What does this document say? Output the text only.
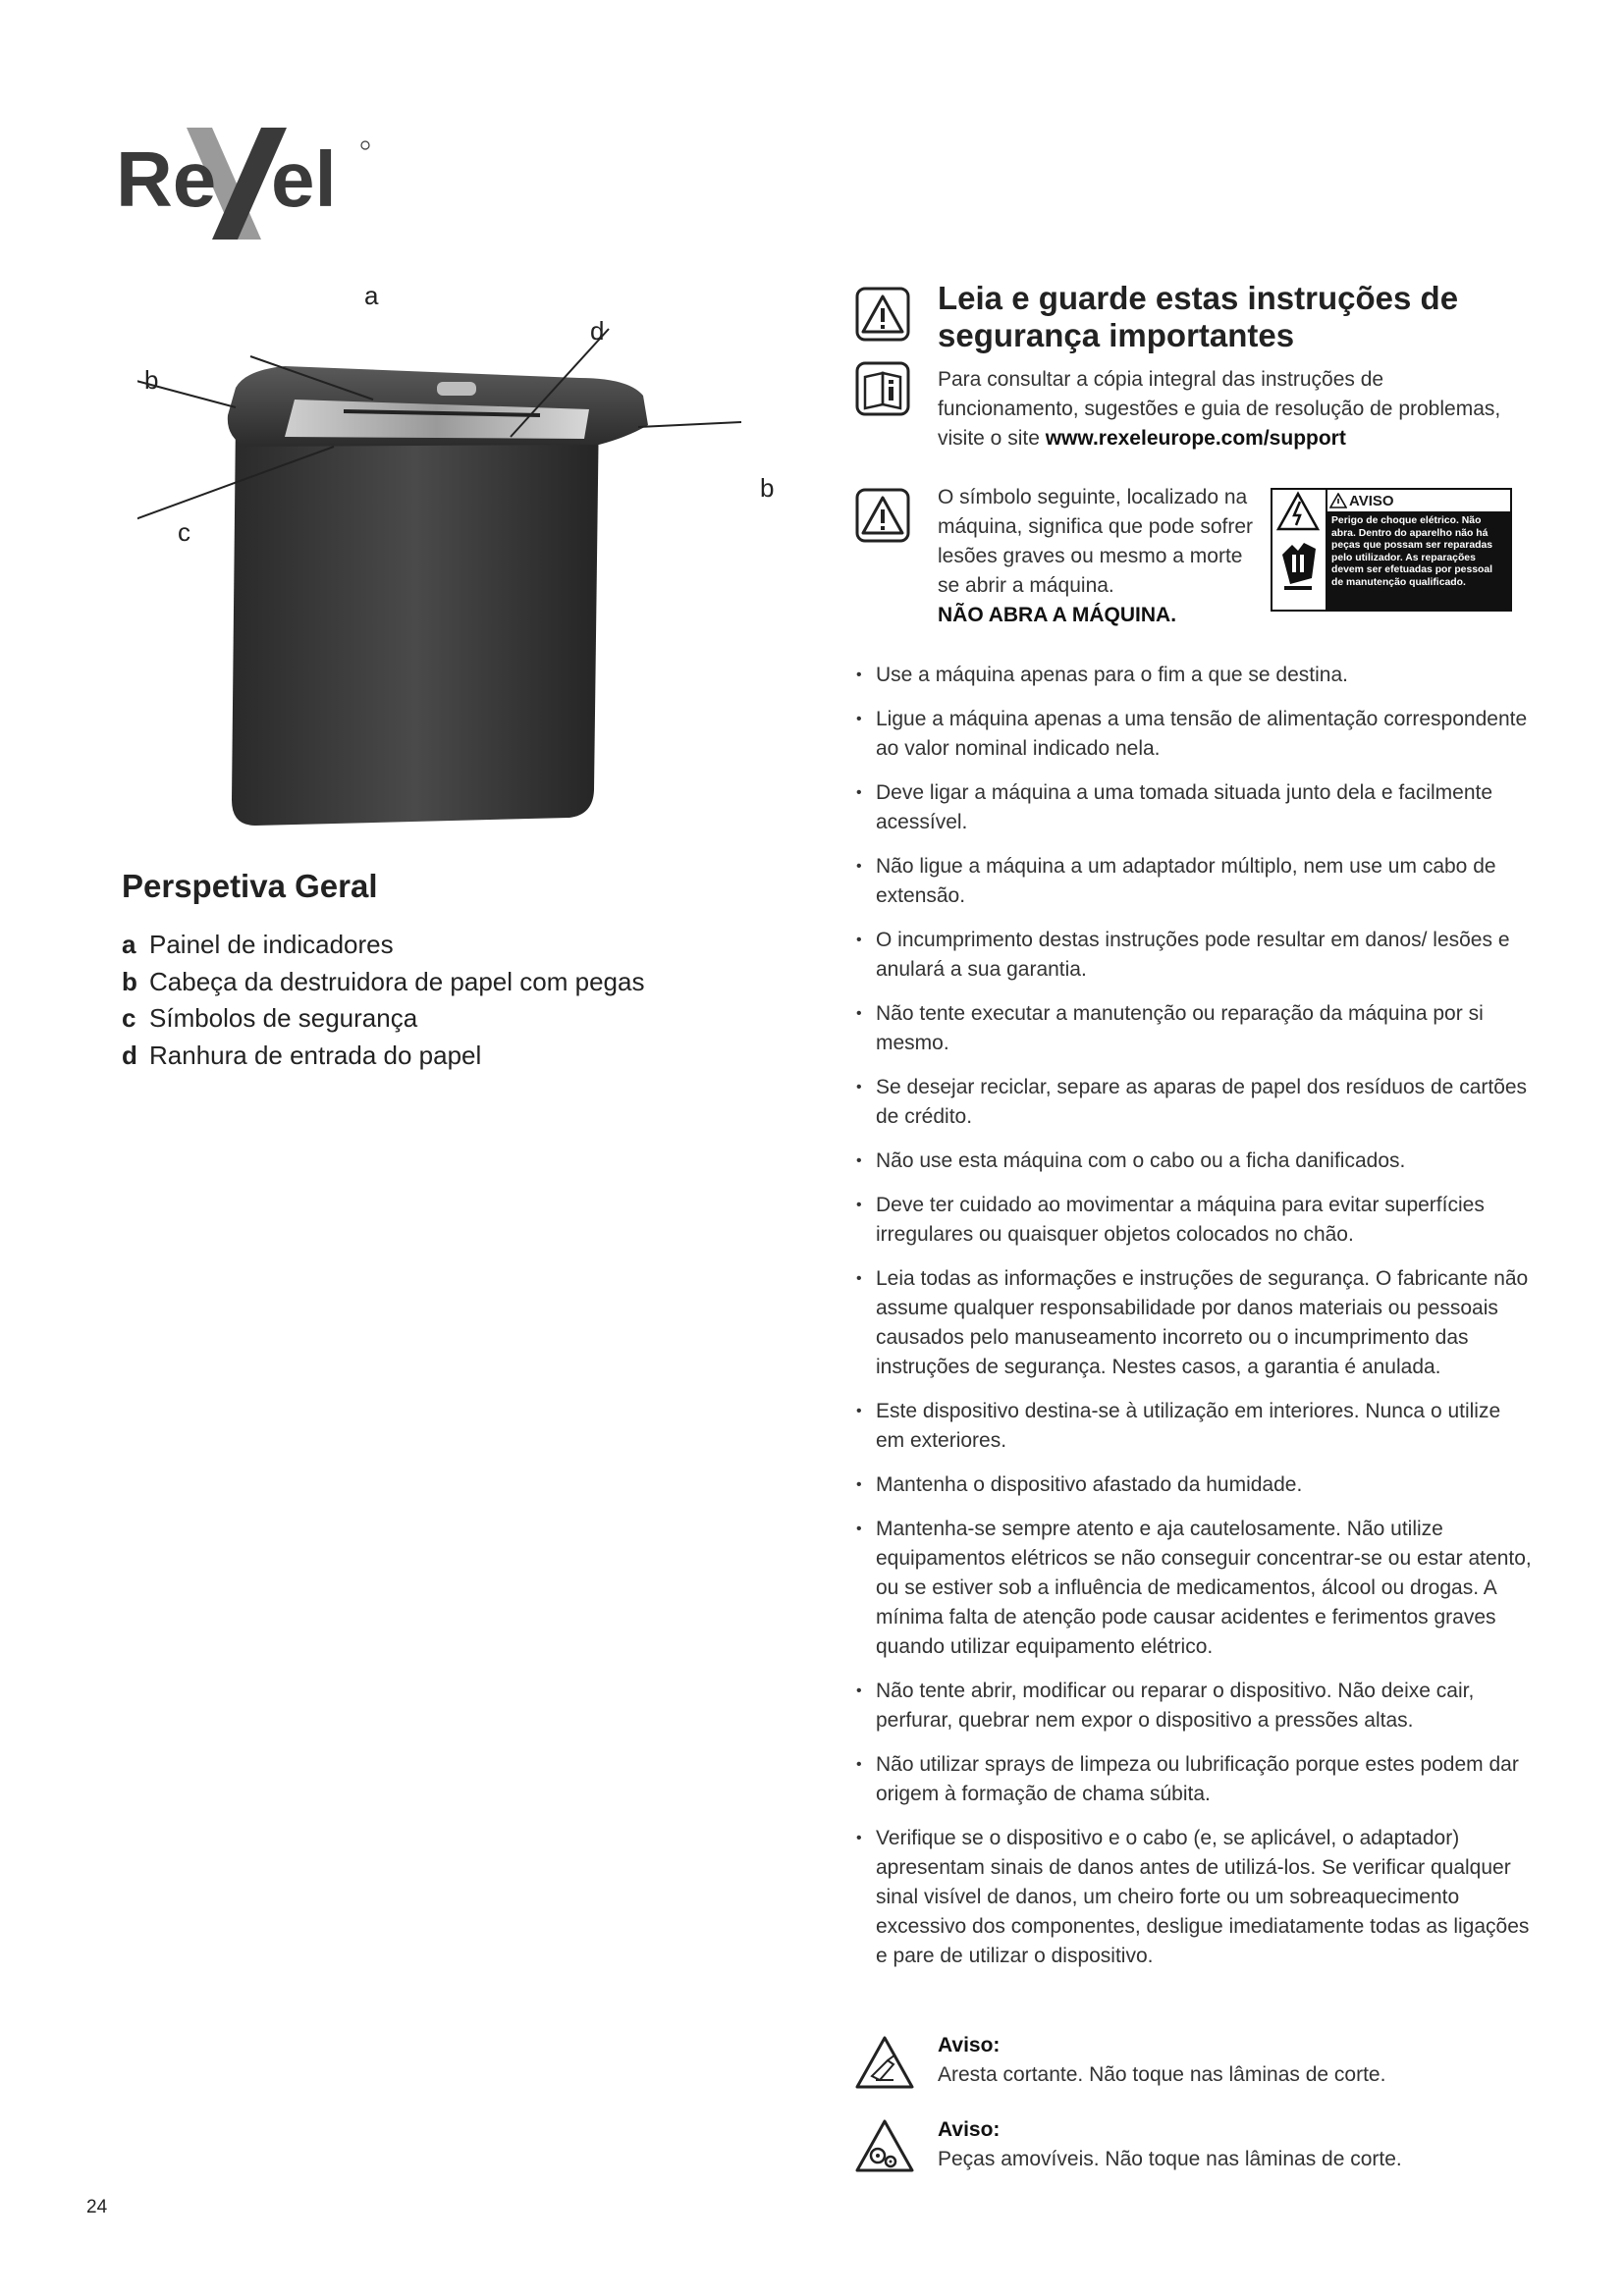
Re el
a
b
d
b
c
Perspetiva Geral
a Painel de indicadores
b Cabeça da destruidora de papel com pegas
c Símbolos de segurança
d Ranhura de entrada do papel
Leia e guarde estas instruções de segurança importantes
Para consultar a cópia integral das instruções de funcionamento, sugestões e guia de resolução de problemas, visite o site www.rexeleurope.com/support
O símbolo seguinte, localizado na máquina, significa que pode sofrer lesões graves ou mesmo a morte se abrir a máquina.
NÃO ABRA A MÁQUINA.
AVISO
Perigo de choque elétrico. Não abra. Dentro do aparelho não há peças que possam ser reparadas pelo utilizador. As reparações devem ser efetuadas por pessoal de manutenção qualificado.
• Use a máquina apenas para o fim a que se destina.
• Ligue a máquina apenas a uma tensão de alimentação correspondente ao valor nominal indicado nela.
• Deve ligar a máquina a uma tomada situada junto dela e facilmente acessível.
• Não ligue a máquina a um adaptador múltiplo, nem use um cabo de extensão.
• O incumprimento destas instruções pode resultar em danos/ lesões e anulará a sua garantia.
• Não tente executar a manutenção ou reparação da máquina por si mesmo.
• Se desejar reciclar, separe as aparas de papel dos resíduos de cartões de crédito.
• Não use esta máquina com o cabo ou a ficha danificados.
• Deve ter cuidado ao movimentar a máquina para evitar superfícies irregulares ou quaisquer objetos colocados no chão.
• Leia todas as informações e instruções de segurança. O fabricante não assume qualquer responsabilidade por danos materiais ou pessoais causados pelo manuseamento incorreto ou o incumprimento das instruções de segurança. Nestes casos, a garantia é anulada.
• Este dispositivo destina-se à utilização em interiores. Nunca o utilize em exteriores.
• Mantenha o dispositivo afastado da humidade.
• Mantenha-se sempre atento e aja cautelosamente. Não utilize equipamentos elétricos se não conseguir concentrar-se ou estar atento, ou se estiver sob a influência de medicamentos, álcool ou drogas. A mínima falta de atenção pode causar acidentes e ferimentos graves quando utilizar equipamento elétrico.
• Não tente abrir, modificar ou reparar o dispositivo. Não deixe cair, perfurar, quebrar nem expor o dispositivo a pressões altas.
• Não utilizar sprays de limpeza ou lubrificação porque estes podem dar origem à formação de chama súbita.
• Verifique se o dispositivo e o cabo (e, se aplicável, o adaptador) apresentam sinais de danos antes de utilizá-los. Se verificar qualquer sinal visível de danos, um cheiro forte ou um sobreaquecimento excessivo dos componentes, desligue imediatamente todas as ligações e pare de utilizar o dispositivo.
Aviso:
Aresta cortante. Não toque nas lâminas de corte.
Aviso:
Peças amovíveis. Não toque nas lâminas de corte.
24
